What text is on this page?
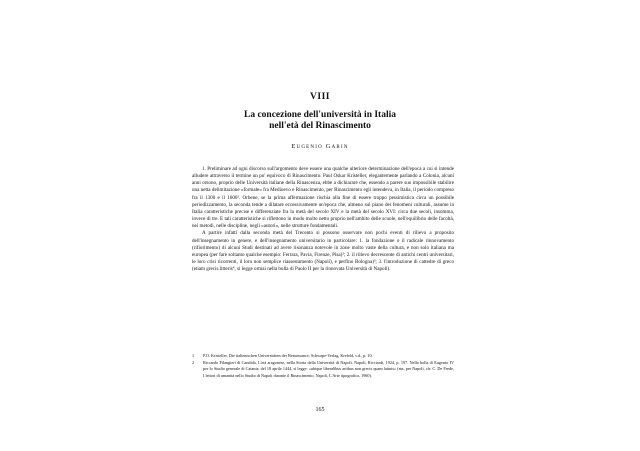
VIII
La concezione dell'università in Italia
nell'età del Rinascimento
Eugenio Garin

1. Preliminare ad ogni discorso sull'argomento deve essere una qualche ulteriore determinazione dell'epoca a cui si intende alludere attraverso il termine un po' equivoco di Rinascimento. Paul Oskar Kristeller, elegantemente parlando a Colonia, alcuni anni orsono, proprio delle Università italiane della Rinascenza, ebbe a dichiarare che, essendo a parere suo impossibile stabilire una netta delimitazione «formale» fra Medioevo e Rinascimento, per Rinascimento egli intendeva, in Italia, il periodo compreso fra il 1300 e il 1600¹. Orbene, se la prima affermazione rischia alla fine di essere troppo pessimistica circa un possibile periodizzamento, la seconda tende a dilatare eccessivamente un'epoca che, almeno sul piano dei fenomeni culturali, assume in Italia caratteristiche precise e differenziate fra la metà del secolo XIV e la metà del secolo XVI: circa due secoli, insomma, invece di tre. E tali caratteristiche si riflettono in modo molto netto proprio nell'ambito delle scuole, nell'equilibrio delle facoltà, nei metodi, nelle discipline, negli «autori», nelle strutture fondamentali.

A partire infatti dalla seconda metà del Trecento si possono osservare non pochi eventi di rilievo a proposito dell'insegnamento in genere, e dell'insegnamento universitario in particolare: 1. la fondazione o il radicale rinnovamento (rifiorimento) di alcuni Studi destinati ad avere risonanza notevole in zone molto vaste della cultura, e non solo italiana ma europea (per fare soltanto qualche esempio: Ferrara, Pavia, Firenze, Pisa)²; 2. il rilievo decrescente di antichi centri universitari, le loro crisi ricorrenti, il loro non semplice riassestamento (Napoli), e perfino Bologna)³; 3. l'introduzione di cattedre di greco (etiam grecis litteris⁴, si legge ormai nella bolla di Paolo II per la rinnovata Università di Napoli).

1	P.O. Kristeller, Die italienischen Universitäten der Renaissance, Schwape-Verlag, Krefeld, s.d., p. 10.
2	Riccardo Filangieri di Candida, L'età aragonese, nella Storia della Università di Napoli, Napoli, Ricciardi, 1924, p. 197. Nella bolla di Eugenio IV per lo Studio generale di Catania, del 18 aprile 1444, si legge: «ubique liberalibus artibus non grecis quam latinis» (ms, per Napoli, cfr. C. De Frede, I lettori di umanità nello Studio di Napoli durante il Rinascimento, Napoli, L'Arte tipografica, 1960).
165
